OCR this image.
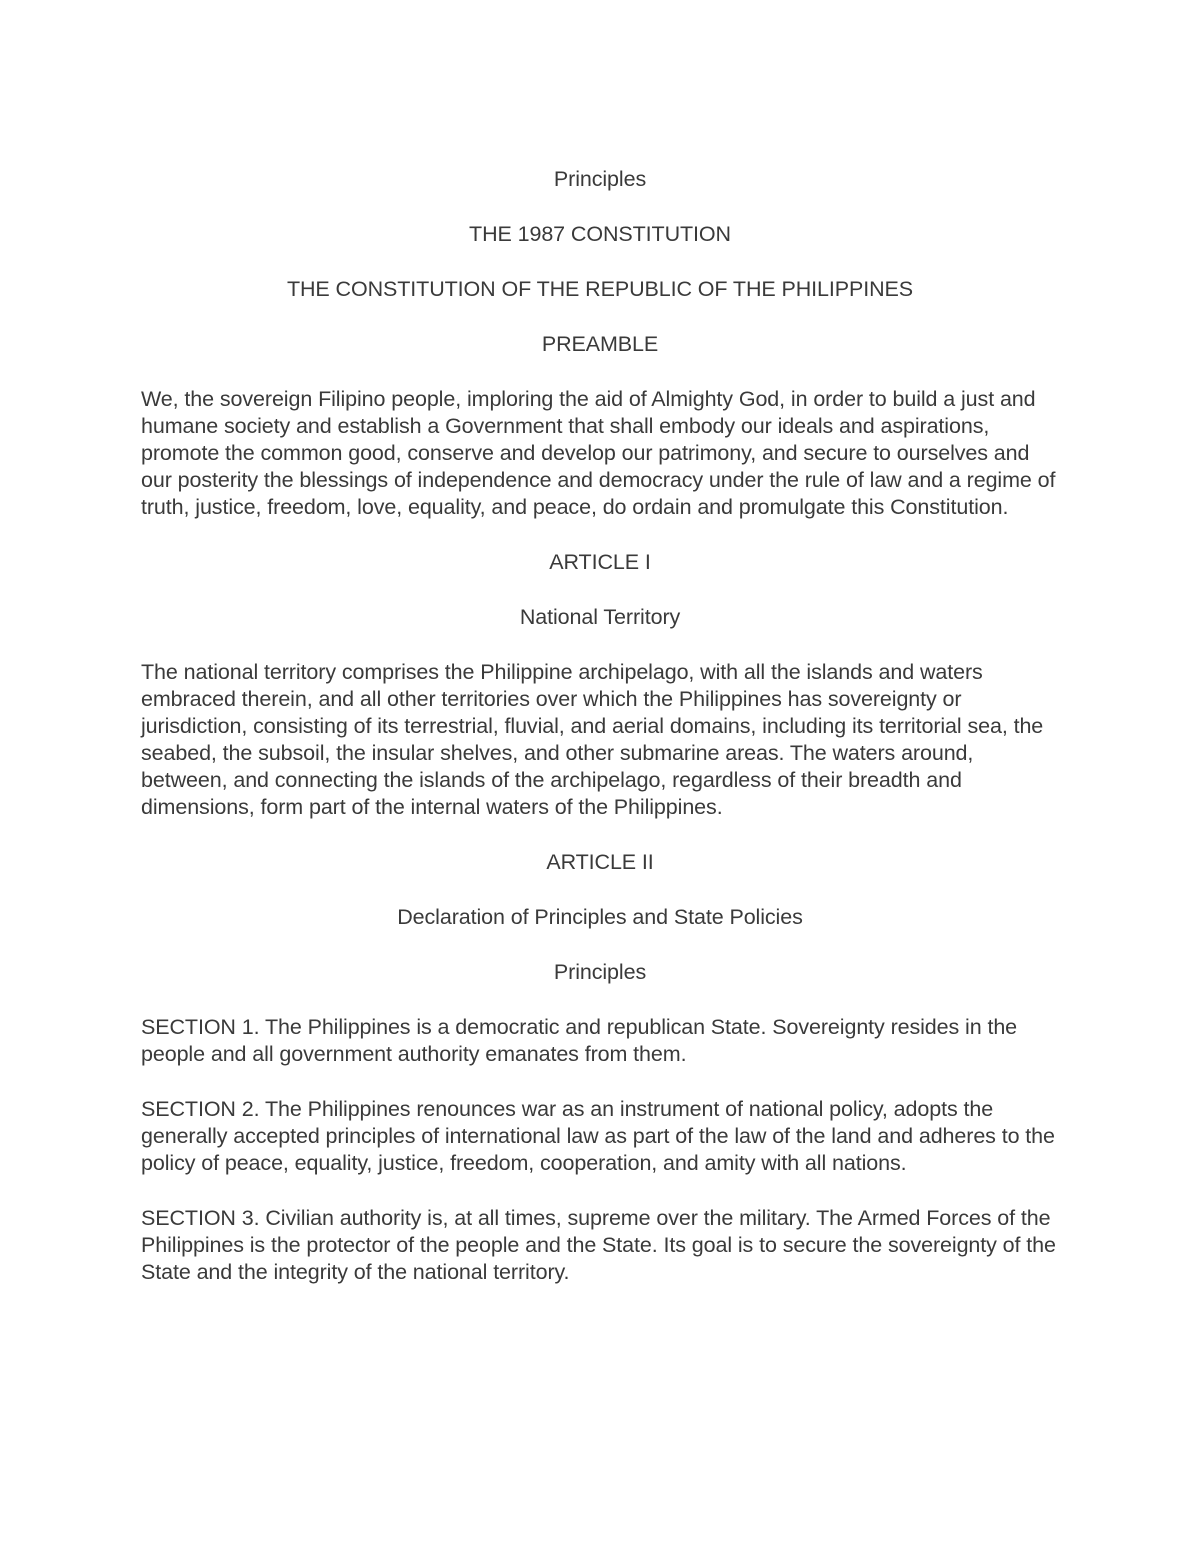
Principles

THE 1987 CONSTITUTION

THE CONSTITUTION OF THE REPUBLIC OF THE PHILIPPINES

PREAMBLE

We, the sovereign Filipino people, imploring the aid of Almighty God, in order to build a just and humane society and establish a Government that shall embody our ideals and aspirations, promote the common good, conserve and develop our patrimony, and secure to ourselves and our posterity the blessings of independence and democracy under the rule of law and a regime of truth, justice, freedom, love, equality, and peace, do ordain and promulgate this Constitution.

ARTICLE I

National Territory

The national territory comprises the Philippine archipelago, with all the islands and waters embraced therein, and all other territories over which the Philippines has sovereignty or jurisdiction, consisting of its terrestrial, fluvial, and aerial domains, including its territorial sea, the seabed, the subsoil, the insular shelves, and other submarine areas. The waters around, between, and connecting the islands of the archipelago, regardless of their breadth and dimensions, form part of the internal waters of the Philippines.

ARTICLE II

Declaration of Principles and State Policies

Principles

SECTION 1. The Philippines is a democratic and republican State. Sovereignty resides in the people and all government authority emanates from them.

SECTION 2. The Philippines renounces war as an instrument of national policy, adopts the generally accepted principles of international law as part of the law of the land and adheres to the policy of peace, equality, justice, freedom, cooperation, and amity with all nations.

SECTION 3. Civilian authority is, at all times, supreme over the military. The Armed Forces of the Philippines is the protector of the people and the State. Its goal is to secure the sovereignty of the State and the integrity of the national territory.
